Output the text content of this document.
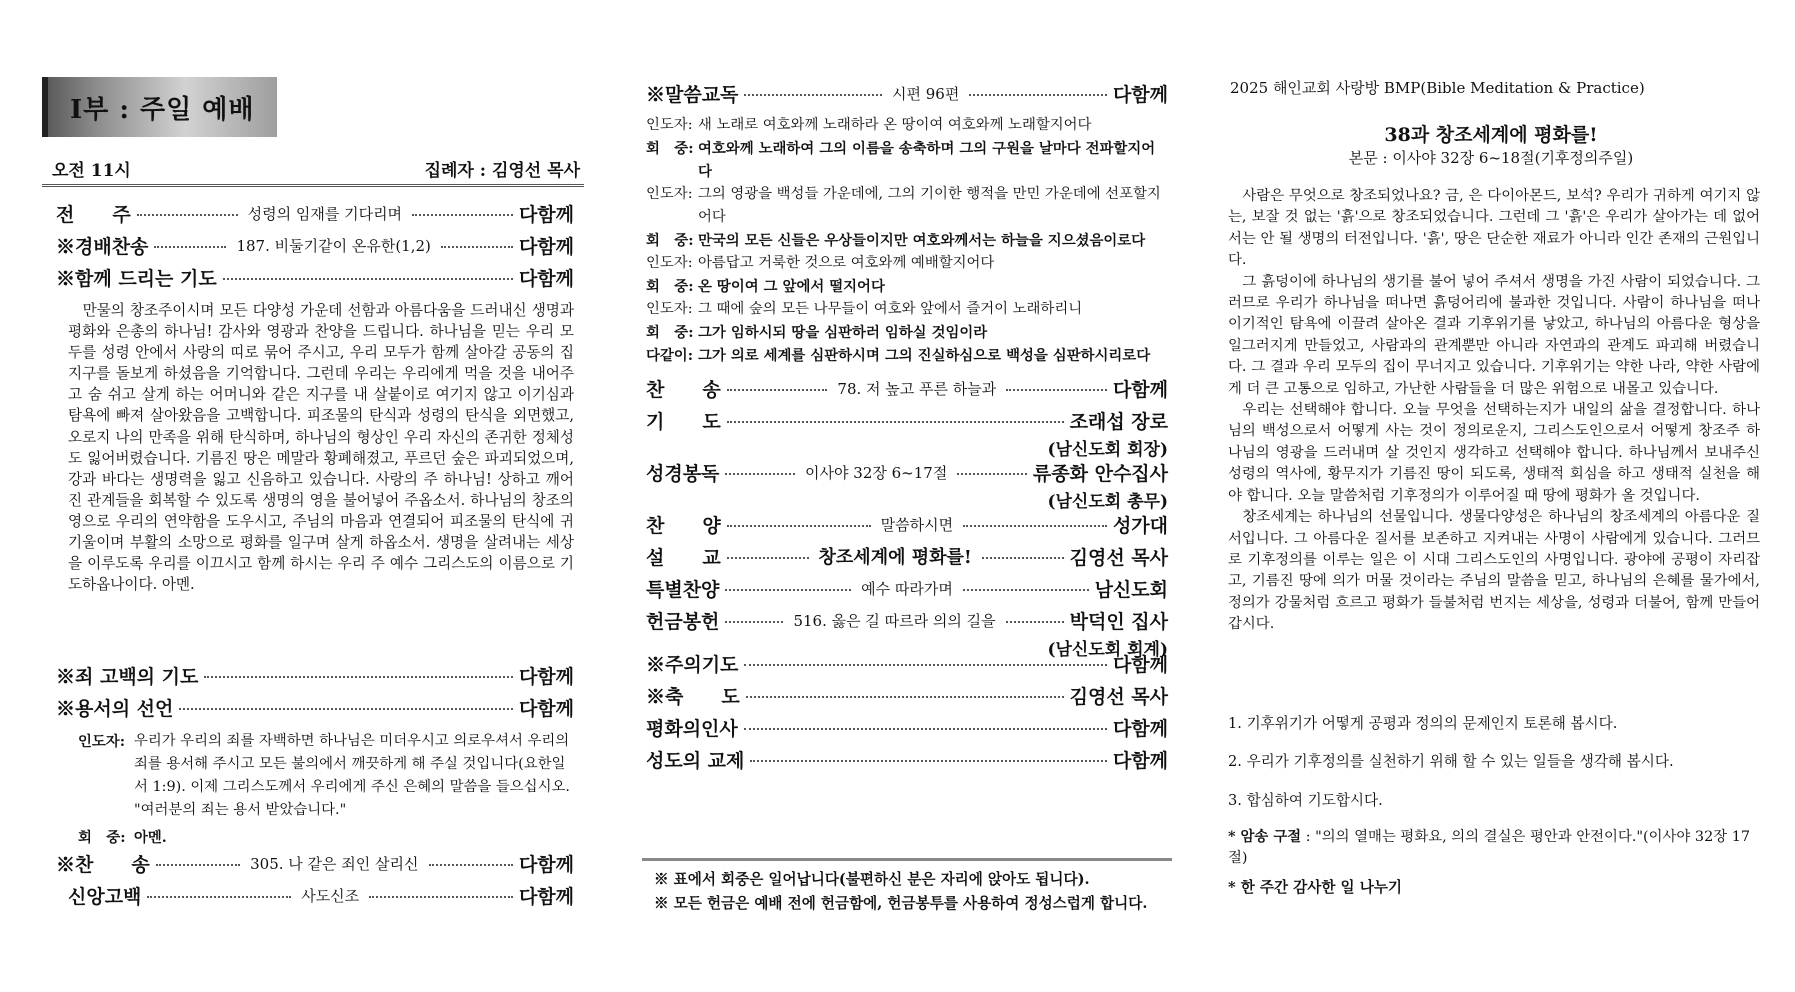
I부 : 주일 예배
오전 11시	집례자 : 김영선 목사
전　　주	성령의 임재를 기다리며	다함께
※경배찬송	187. 비둘기같이 온유한(1,2)	다함께
※함께 드리는 기도	다함께
만물의 창조주이시며 모든 다양성 가운데 선함과 아름다움을 드러내신 생명과 평화와 은총의 하나님! 감사와 영광과 찬양을 드립니다. 하나님을 믿는 우리 모두를 성령 안에서 사랑의 띠로 묶어 주시고, 우리 모두가 함께 살아갈 공동의 집 지구를 돌보게 하셨음을 기억합니다. 그런데 우리는 우리에게 먹을 것을 내어주고 숨 쉬고 살게 하는 어머니와 같은 지구를 내 살붙이로 여기지 않고 이기심과 탐욕에 빠져 살아왔음을 고백합니다. 피조물의 탄식과 성령의 탄식을 외면했고, 오로지 나의 만족을 위해 탄식하며, 하나님의 형상인 우리 자신의 존귀한 정체성도 잃어버렸습니다. 기름진 땅은 메말라 황폐해졌고, 푸르던 숲은 파괴되었으며, 강과 바다는 생명력을 잃고 신음하고 있습니다. 사랑의 주 하나님! 상하고 깨어진 관계들을 회복할 수 있도록 생명의 영을 불어넣어 주옵소서. 하나님의 창조의 영으로 우리의 연약함을 도우시고, 주님의 마음과 연결되어 피조물의 탄식에 귀 기울이며 부활의 소망으로 평화를 일구며 살게 하옵소서. 생명을 살려내는 세상을 이루도록 우리를 이끄시고 함께 하시는 우리 주 예수 그리스도의 이름으로 기도하옵나이다. 아멘.
※죄 고백의 기도	다함께
※용서의 선언	다함께
인도자: 우리가 우리의 죄를 자백하면 하나님은 미더우시고 의로우셔서 우리의 죄를 용서해 주시고 모든 불의에서 깨끗하게 해 주실 것입니다(요한일서 1:9). 이제 그리스도께서 우리에게 주신 은혜의 말씀을 들으십시오. "여러분의 죄는 용서 받았습니다."
회　중: 아멘.
※찬　　송	305. 나 같은 죄인 살리신	다함께
신앙고백	사도신조	다함께
※말씀교독	시편 96편	다함께
인도자: 새 노래로 여호와께 노래하라 온 땅이여 여호와께 노래할지어다
회　중: 여호와께 노래하여 그의 이름을 송축하며 그의 구원을 날마다 전파할지어다
인도자: 그의 영광을 백성들 가운데에, 그의 기이한 행적을 만민 가운데에 선포할지어다
회　중: 만국의 모든 신들은 우상들이지만 여호와께서는 하늘을 지으셨음이로다
인도자: 아름답고 거룩한 것으로 여호와께 예배할지어다
회　중: 온 땅이여 그 앞에서 떨지어다
인도자: 그 때에 숲의 모든 나무들이 여호와 앞에서 즐거이 노래하리니
회　중: 그가 임하시되 땅을 심판하러 임하실 것임이라
다같이: 그가 의로 세계를 심판하시며 그의 진실하심으로 백성을 심판하시리로다
※ 표에서 회중은 일어납니다(불편하신 분은 자리에 앉아도 됩니다).
※ 모든 헌금은 예배 전에 헌금함에, 헌금봉투를 사용하여 정성스럽게 합니다.
찬　　송	78. 저 높고 푸른 하늘과	다함께
기　　도	조래섭 장로
(남신도회 회장)
성경봉독	이사야 32장 6~17절	류종화 안수집사
(남신도회 총무)
찬　　양	말씀하시면	성가대
설　　교	창조세계에 평화를!	김영선 목사
특별찬양	예수 따라가며	남신도회
헌금봉헌	516. 옳은 길 따르라 의의 길을	박덕인 집사
(남신도회 회계)
※주의기도	다함께
※축　　도	김영선 목사
평화의인사	다함께
성도의 교제	다함께
2025 해인교회 사랑방 BMP(Bible Meditation & Practice)
38과 창조세계에 평화를!
본문 : 이사야 32장 6~18절(기후정의주일)

사람은 무엇으로 창조되었나요? 금, 은 다이아몬드, 보석? 우리가 귀하게 여기지 않는, 보잘 것 없는 '흙'으로 창조되었습니다. 그런데 그 '흙'은 우리가 살아가는 데 없어서는 안 될 생명의 터전입니다. '흙', 땅은 단순한 재료가 아니라 인간 존재의 근원입니다.

그 흙덩이에 하나님의 생기를 불어 넣어 주셔서 생명을 가진 사람이 되었습니다. 그러므로 우리가 하나님을 떠나면 흙덩어리에 불과한 것입니다. 사람이 하나님을 떠나 이기적인 탐욕에 이끌려 살아온 결과 기후위기를 낳았고, 하나님의 아름다운 형상을 일그러지게 만들었고, 사람과의 관계뿐만 아니라 자연과의 관계도 파괴해 버렸습니다. 그 결과 우리 모두의 집이 무너지고 있습니다. 기후위기는 약한 나라, 약한 사람에게 더 큰 고통으로 임하고, 가난한 사람들을 더 많은 위험으로 내몰고 있습니다.

우리는 선택해야 합니다. 오늘 무엇을 선택하는지가 내일의 삶을 결정합니다. 하나님의 백성으로서 어떻게 사는 것이 정의로운지, 그리스도인으로서 어떻게 창조주 하나님의 영광을 드러내며 살 것인지 생각하고 선택해야 합니다. 하나님께서 보내주신 성령의 역사에, 황무지가 기름진 땅이 되도록, 생태적 회심을 하고 생태적 실천을 해야 합니다. 오늘 말씀처럼 기후정의가 이루어질 때 땅에 평화가 올 것입니다.

창조세계는 하나님의 선물입니다. 생물다양성은 하나님의 창조세계의 아름다운 질서입니다. 그 아름다운 질서를 보존하고 지켜내는 사명이 사람에게 있습니다. 그러므로 기후정의를 이루는 일은 이 시대 그리스도인의 사명입니다. 광야에 공평이 자리잡고, 기름진 땅에 의가 머물 것이라는 주님의 말씀을 믿고, 하나님의 은혜를 물가에서, 정의가 강물처럼 흐르고 평화가 들불처럼 번지는 세상을, 성령과 더불어, 함께 만들어 갑시다.

1. 기후위기가 어떻게 공평과 정의의 문제인지 토론해 봅시다.
2. 우리가 기후정의를 실천하기 위해 할 수 있는 일들을 생각해 봅시다.
3. 합심하여 기도합시다.
* 암송 구절 : "의의 열매는 평화요, 의의 결실은 평안과 안전이다."(이사야 32장 17절)
* 한 주간 감사한 일 나누기
